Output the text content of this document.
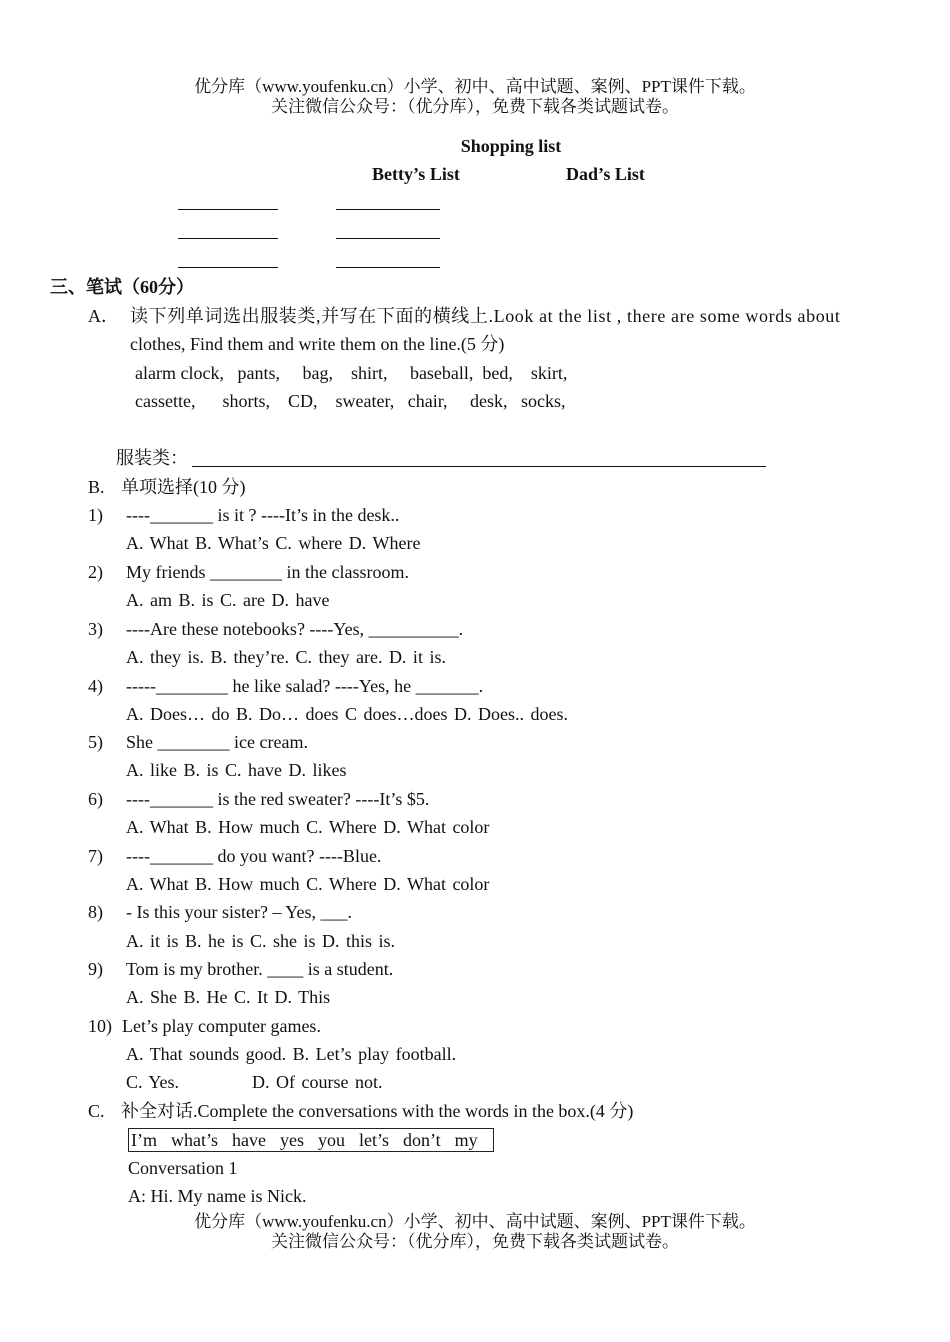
优分库（www.youfenku.cn）小学、初中、高中试题、案例、PPT课件下载。
关注微信公众号：（优分库），免费下载各类试题试卷。
Shopping list
Betty’s List	Dad’s List
三、笔试（60分）
A． 读下列单词选出服装类,并写在下面的横线上.Look at the list , there are some words about
clothes, Find them and write them on the line.(5 分)
alarm clock,   pants,     bag,    shirt,     baseball,  bed,    skirt,
cassette,      shorts,    CD,    sweater,   chair,     desk,   socks,
服装类：
B. 单项选择(10 分)
1) ----_______ is it ? ----It’s in the desk..
A. What B. What’s C. where D. Where
2) My friends ________ in the classroom.
A. am B. is C. are D. have
3) ----Are these notebooks? ----Yes, __________.
A. they is. B. they’re. C. they are. D. it is.
4) -----________ he like salad? ----Yes, he _______.
A. Does… do B. Do… does C does…does D. Does.. does.
5) She ________ ice cream.
A. like B. is C. have D. likes
6) ----_______ is the red sweater? ----It’s $5.
A. What B. How much C. Where D. What color
7) ----_______ do you want? ----Blue.
A. What B. How much C. Where D. What color
8) - Is this your sister? – Yes, ___.
A. it is B. he is C. she is D. this is.
9) Tom is my brother. ____ is a student.
A. She B. He C. It D. This
10) Let’s play computer games.
A. That sounds good. B. Let’s play football.
C. Yes.	D. Of course not.
C. 补全对话.Complete the conversations with the words in the box.(4 分)
I’m what’s have yes you let’s don’t my
Conversation 1
A: Hi. My name is Nick.
优分库（www.youfenku.cn）小学、初中、高中试题、案例、PPT课件下载。
关注微信公众号：（优分库），免费下载各类试题试卷。
